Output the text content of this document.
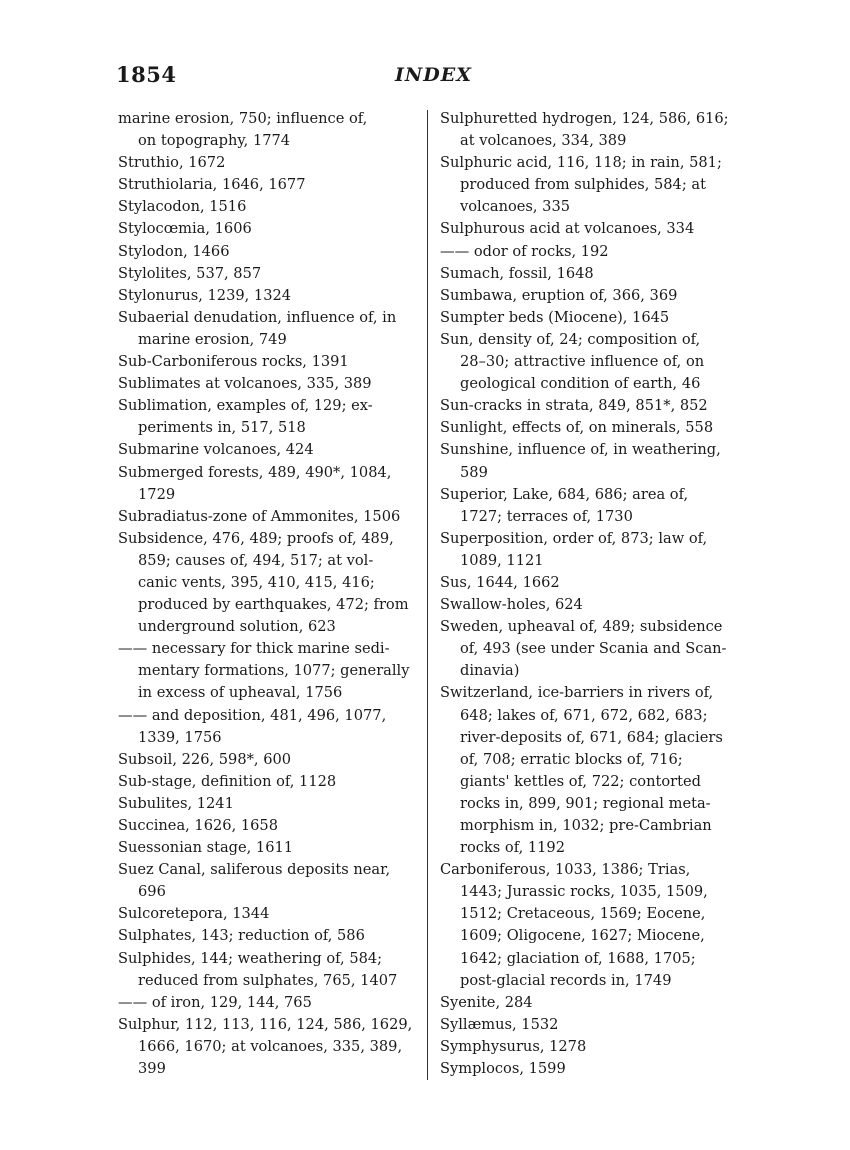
1854	INDEX
marine erosion, 750; influence of,
on topography, 1774
Struthio, 1672
Struthiolaria, 1646, 1677
Stylacodon, 1516
Stylocœmia, 1606
Stylodon, 1466
Stylolites, 537, 857
Stylonurus, 1239, 1324
Subaerial denudation, influence of, in
marine erosion, 749
Sub-Carboniferous rocks, 1391
Sublimates at volcanoes, 335, 389
Sublimation, examples of, 129; ex-
periments in, 517, 518
Submarine volcanoes, 424
Submerged forests, 489, 490*, 1084,
1729
Subradiatus-zone of Ammonites, 1506
Subsidence, 476, 489; proofs of, 489,
859; causes of, 494, 517; at vol-
canic vents, 395, 410, 415, 416;
produced by earthquakes, 472; from
underground solution, 623
—— necessary for thick marine sedi-
mentary formations, 1077; generally
in excess of upheaval, 1756
—— and deposition, 481, 496, 1077,
1339, 1756
Subsoil, 226, 598*, 600
Sub-stage, definition of, 1128
Subulites, 1241
Succinea, 1626, 1658
Suessonian stage, 1611
Suez Canal, saliferous deposits near,
696
Sulcoretepora, 1344
Sulphates, 143; reduction of, 586
Sulphides, 144; weathering of, 584;
reduced from sulphates, 765, 1407
—— of iron, 129, 144, 765
Sulphur, 112, 113, 116, 124, 586, 1629,
1666, 1670; at volcanoes, 335, 389,
399
Sulphuretted hydrogen, 124, 586, 616;
at volcanoes, 334, 389
Sulphuric acid, 116, 118; in rain, 581;
produced from sulphides, 584; at
volcanoes, 335
Sulphurous acid at volcanoes, 334
—— odor of rocks, 192
Sumach, fossil, 1648
Sumbawa, eruption of, 366, 369
Sumpter beds (Miocene), 1645
Sun, density of, 24; composition of,
28–30; attractive influence of, on
geological condition of earth, 46
Sun-cracks in strata, 849, 851*, 852
Sunlight, effects of, on minerals, 558
Sunshine, influence of, in weathering,
589
Superior, Lake, 684, 686; area of,
1727; terraces of, 1730
Superposition, order of, 873; law of,
1089, 1121
Sus, 1644, 1662
Swallow-holes, 624
Sweden, upheaval of, 489; subsidence
of, 493 (see under Scania and Scan-
dinavia)
Switzerland, ice-barriers in rivers of,
648; lakes of, 671, 672, 682, 683;
river-deposits of, 671, 684; glaciers
of, 708; erratic blocks of, 716;
giants' kettles of, 722; contorted
rocks in, 899, 901; regional meta-
morphism in, 1032; pre-Cambrian
rocks of, 1192
Carboniferous, 1033, 1386; Trias,
1443; Jurassic rocks, 1035, 1509,
1512; Cretaceous, 1569; Eocene,
1609; Oligocene, 1627; Miocene,
1642; glaciation of, 1688, 1705;
post-glacial records in, 1749
Syenite, 284
Syllæmus, 1532
Symphysurus, 1278
Symplocos, 1599
